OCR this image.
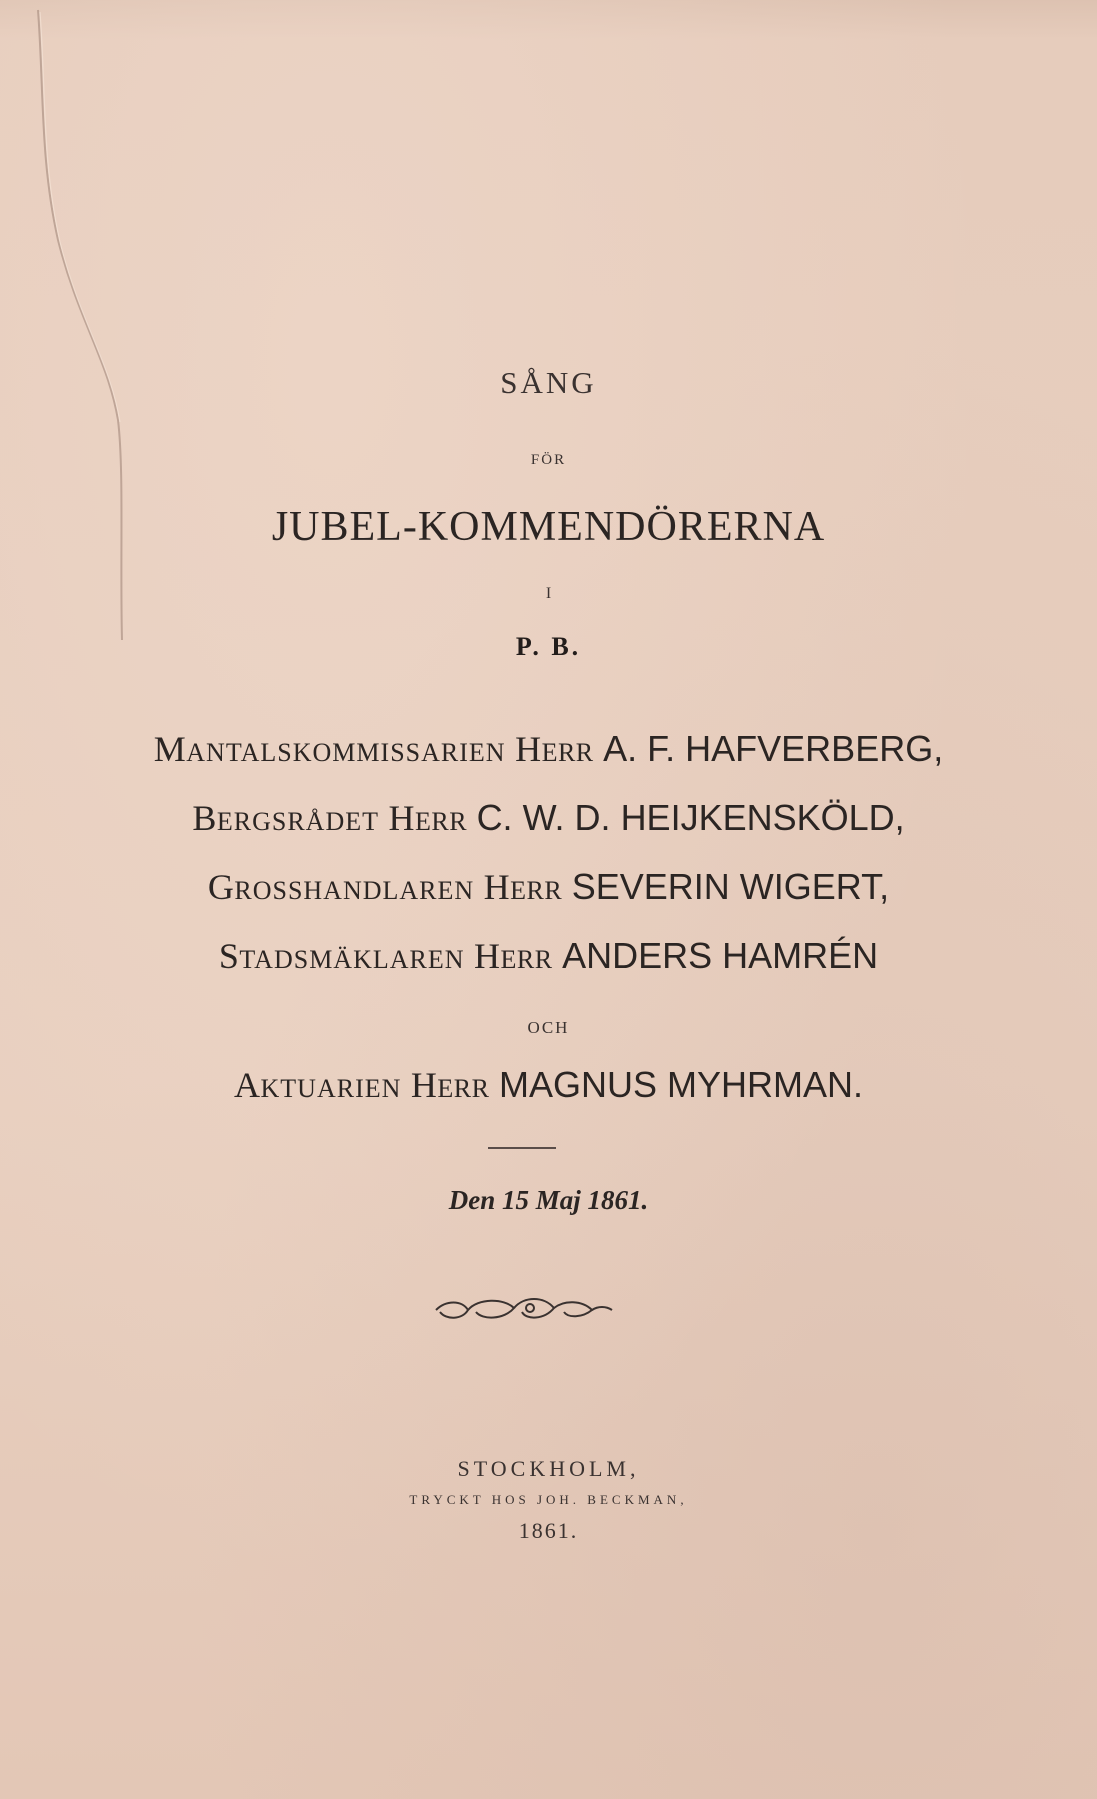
SÅNG
FÖR
JUBEL-KOMMENDÖRERNA
I
P. B.
MANTALSKOMMISSARIEN HERR A. F. HAFVERBERG,
BERGSRÅDET HERR C. W. D. HEIJKENSKÖLD,
GROSSHANDLAREN HERR SEVERIN WIGERT,
STADSMÄKLAREN HERR ANDERS HAMRÉN
OCH
AKTUARIEN HERR MAGNUS MYHRMAN.
Den 15 Maj 1861.
STOCKHOLM,
TRYCKT HOS JOH. BECKMAN,
1861.
